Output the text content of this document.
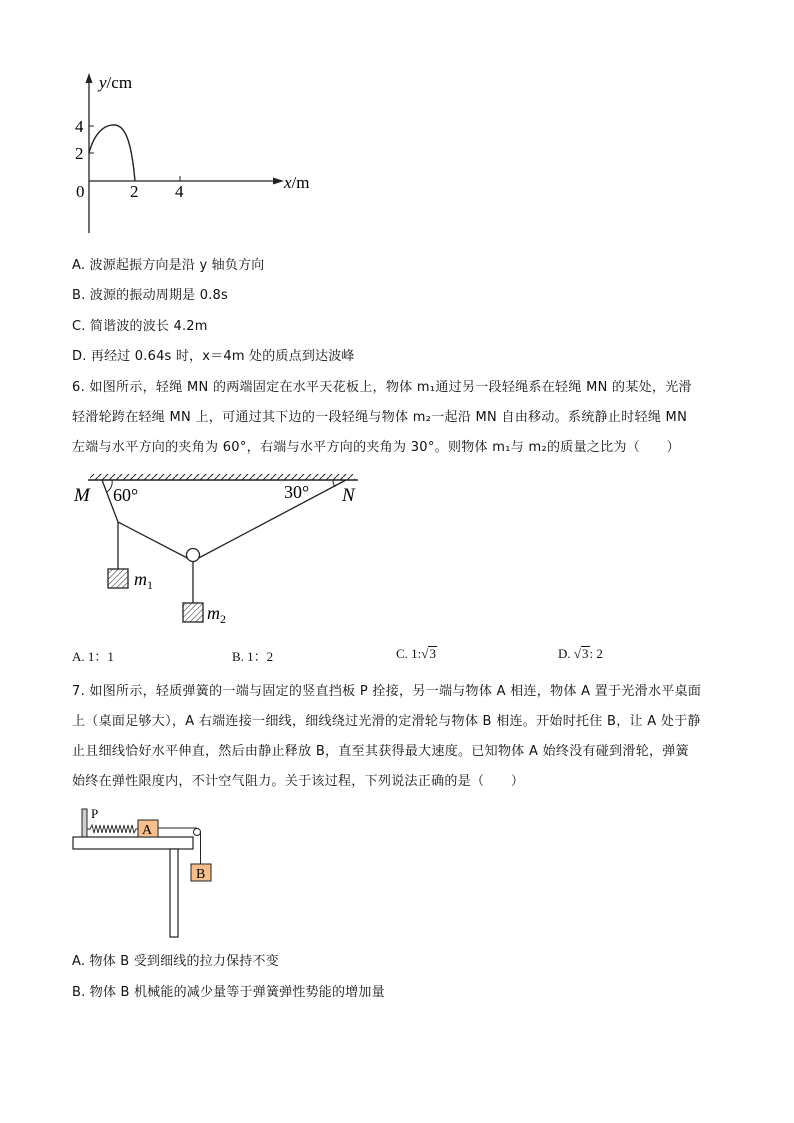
y/cm
x/m
4
2
0	2 4
A. 波源起振方向是沿 y 轴负方向
B. 波源的振动周期是 0.8s
C. 简谐波的波长 4.2m
D. 再经过 0.64s 时，x＝4m 处的质点到达波峰
6. 如图所示，轻绳 MN 的两端固定在水平天花板上，物体 m₁通过另一段轻绳系在轻绳 MN 的某处，光滑
轻滑轮跨在轻绳 MN 上，可通过其下边的一段轻绳与物体 m₂一起沿 MN 自由移动。系统静止时轻绳 MN
左端与水平方向的夹角为 60°，右端与水平方向的夹角为 30°。则物体 m₁与 m₂的质量之比为（　　）
M	N
60°	30°
$m_1$
$m_2$
A. 1：1	B. 1：2	C. 1:√3	D. √3: 2
7. 如图所示，轻质弹簧的一端与固定的竖直挡板 P 拴接，另一端与物体 A 相连，物体 A 置于光滑水平桌面
上（桌面足够大），A 右端连接一细线，细线绕过光滑的定滑轮与物体 B 相连。开始时托住 B，让 A 处于静
止且细线恰好水平伸直，然后由静止释放 B，直至其获得最大速度。已知物体 A 始终没有碰到滑轮，弹簧
始终在弹性限度内，不计空气阻力。关于该过程，下列说法正确的是（　　）
P
A
B
A. 物体 B 受到细线的拉力保持不变
B. 物体 B 机械能的减少量等于弹簧弹性势能的增加量
